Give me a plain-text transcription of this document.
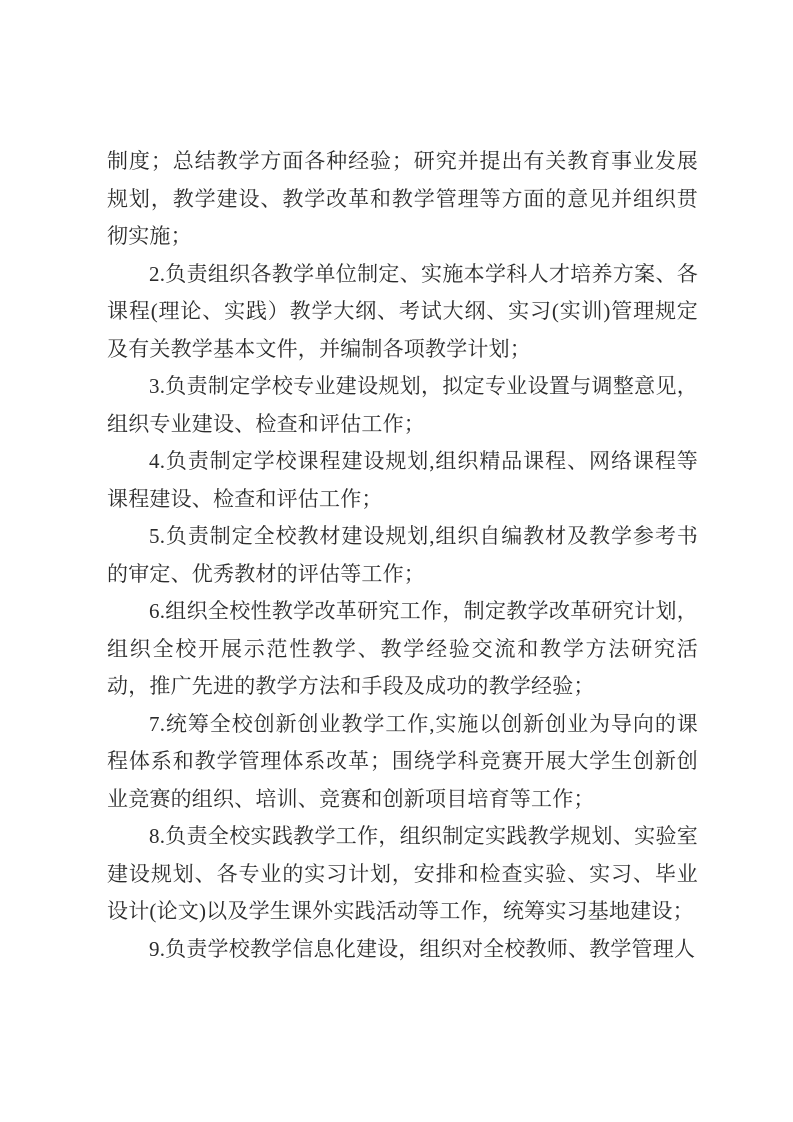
制度；总结教学方面各种经验；研究并提出有关教育事业发展规划，教学建设、教学改革和教学管理等方面的意见并组织贯彻实施；

2.负责组织各教学单位制定、实施本学科人才培养方案、各课程(理论、实践）教学大纲、考试大纲、实习(实训)管理规定及有关教学基本文件，并编制各项教学计划；

3.负责制定学校专业建设规划，拟定专业设置与调整意见，组织专业建设、检查和评估工作；

4.负责制定学校课程建设规划,组织精品课程、网络课程等课程建设、检查和评估工作；

5.负责制定全校教材建设规划,组织自编教材及教学参考书的审定、优秀教材的评估等工作；

6.组织全校性教学改革研究工作，制定教学改革研究计划，组织全校开展示范性教学、教学经验交流和教学方法研究活动，推广先进的教学方法和手段及成功的教学经验；

7.统筹全校创新创业教学工作,实施以创新创业为导向的课程体系和教学管理体系改革；围绕学科竞赛开展大学生创新创业竞赛的组织、培训、竞赛和创新项目培育等工作；

8.负责全校实践教学工作，组织制定实践教学规划、实验室建设规划、各专业的实习计划，安排和检查实验、实习、毕业设计(论文)以及学生课外实践活动等工作，统筹实习基地建设；

9.负责学校教学信息化建设，组织对全校教师、教学管理人
